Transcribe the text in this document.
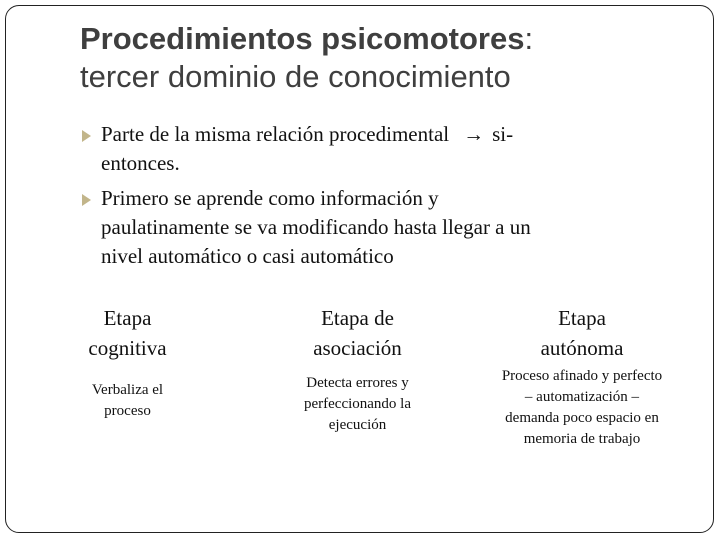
Procedimientos psicomotores:
tercer dominio de conocimiento
Parte de la misma relación procedimental → si-
entonces.
Primero se aprende como información y
paulatinamente se va modificando hasta llegar a un
nivel automático o casi automático
Etapa
cognitiva
Verbaliza el
proceso
Etapa de
asociación
Detecta errores y
perfeccionando la
ejecución
Etapa
autónoma
Proceso afinado y perfecto
– automatización –
demanda poco espacio en
memoria de trabajo
